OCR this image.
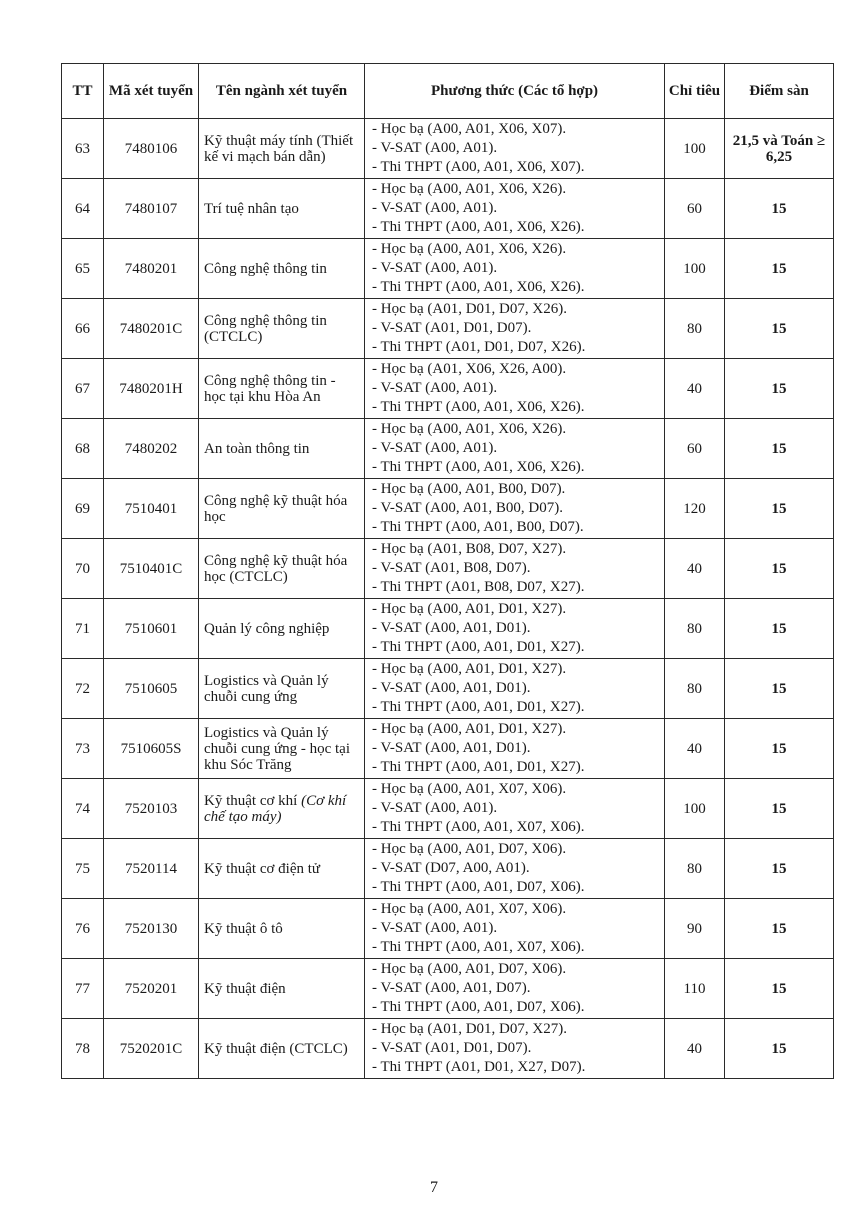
TT	Mã xét tuyển	Tên ngành xét tuyển	Phương thức (Các tổ hợp)	Chỉ tiêu	Điểm sàn
63	7480106	Kỹ thuật máy tính (Thiết kế vi mạch bán dẫn)	- Học bạ (A00, A01, X06, X07).
- V-SAT (A00, A01).
- Thi THPT (A00, A01, X06, X07).	100	21,5 và Toán ≥ 6,25
64	7480107	Trí tuệ nhân tạo	- Học bạ (A00, A01, X06, X26).
- V-SAT (A00, A01).
- Thi THPT (A00, A01, X06, X26).	60	15
65	7480201	Công nghệ thông tin	- Học bạ (A00, A01, X06, X26).
- V-SAT (A00, A01).
- Thi THPT (A00, A01, X06, X26).	100	15
66	7480201C	Công nghệ thông tin (CTCLC)	- Học bạ (A01, D01, D07, X26).
- V-SAT (A01, D01, D07).
- Thi THPT (A01, D01, D07, X26).	80	15
67	7480201H	Công nghệ thông tin - học tại khu Hòa An	- Học bạ (A01, X06, X26, A00).
- V-SAT (A00, A01).
- Thi THPT (A00, A01, X06, X26).	40	15
68	7480202	An toàn thông tin	- Học bạ (A00, A01, X06, X26).
- V-SAT (A00, A01).
- Thi THPT (A00, A01, X06, X26).	60	15
69	7510401	Công nghệ kỹ thuật hóa học	- Học bạ (A00, A01, B00, D07).
- V-SAT (A00, A01, B00, D07).
- Thi THPT (A00, A01, B00, D07).	120	15
70	7510401C	Công nghệ kỹ thuật hóa học (CTCLC)	- Học bạ (A01, B08, D07, X27).
- V-SAT (A01, B08, D07).
- Thi THPT (A01, B08, D07, X27).	40	15
71	7510601	Quản lý công nghiệp	- Học bạ (A00, A01, D01, X27).
- V-SAT (A00, A01, D01).
- Thi THPT (A00, A01, D01, X27).	80	15
72	7510605	Logistics và Quản lý chuỗi cung ứng	- Học bạ (A00, A01, D01, X27).
- V-SAT (A00, A01, D01).
- Thi THPT (A00, A01, D01, X27).	80	15
73	7510605S	Logistics và Quản lý chuỗi cung ứng - học tại khu Sóc Trăng	- Học bạ (A00, A01, D01, X27).
- V-SAT (A00, A01, D01).
- Thi THPT (A00, A01, D01, X27).	40	15
74	7520103	Kỹ thuật cơ khí (Cơ khí chế tạo máy)	- Học bạ (A00, A01, X07, X06).
- V-SAT (A00, A01).
- Thi THPT (A00, A01, X07, X06).	100	15
75	7520114	Kỹ thuật cơ điện tử	- Học bạ (A00, A01, D07, X06).
- V-SAT (D07, A00, A01).
- Thi THPT (A00, A01, D07, X06).	80	15
76	7520130	Kỹ thuật ô tô	- Học bạ (A00, A01, X07, X06).
- V-SAT (A00, A01).
- Thi THPT (A00, A01, X07, X06).	90	15
77	7520201	Kỹ thuật điện	- Học bạ (A00, A01, D07, X06).
- V-SAT (A00, A01, D07).
- Thi THPT (A00, A01, D07, X06).	110	15
78	7520201C	Kỹ thuật điện (CTCLC)	- Học bạ (A01, D01, D07, X27).
- V-SAT (A01, D01, D07).
- Thi THPT (A01, D01, X27, D07).	40	15
7
